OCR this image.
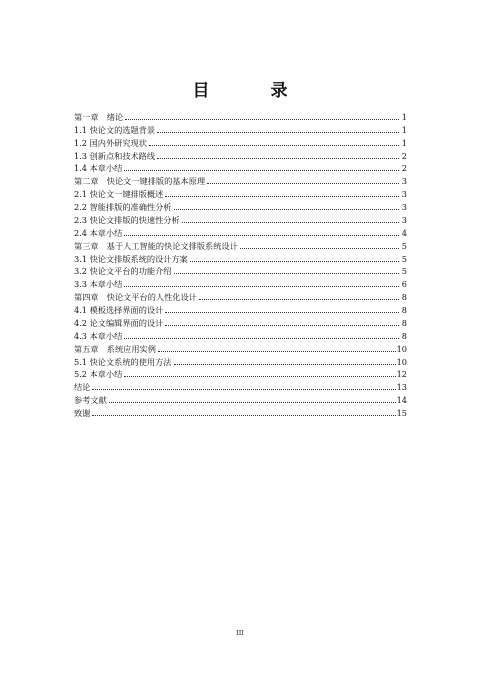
目　录
第一章　绪论	1
1.1 快论文的选题背景	1
1.2 国内外研究现状	1
1.3 创新点和技术路线	2
1.4 本章小结	2
第二章　快论文一键排版的基本原理	3
2.1 快论文一键排版概述	3
2.2 智能排版的准确性分析	3
2.3 快论文排版的快速性分析	3
2.4 本章小结	4
第三章　基于人工智能的快论文排版系统设计	5
3.1 快论文排版系统的设计方案	5
3.2 快论文平台的功能介绍	5
3.3 本章小结	6
第四章　快论文平台的人性化设计	8
4.1 模板选择界面的设计	8
4.2 论文编辑界面的设计	8
4.3 本章小结	8
第五章　系统应用实例	10
5.1 快论文系统的使用方法	10
5.2 本章小结	12
结论	13
参考文献	14
致谢	15
III
